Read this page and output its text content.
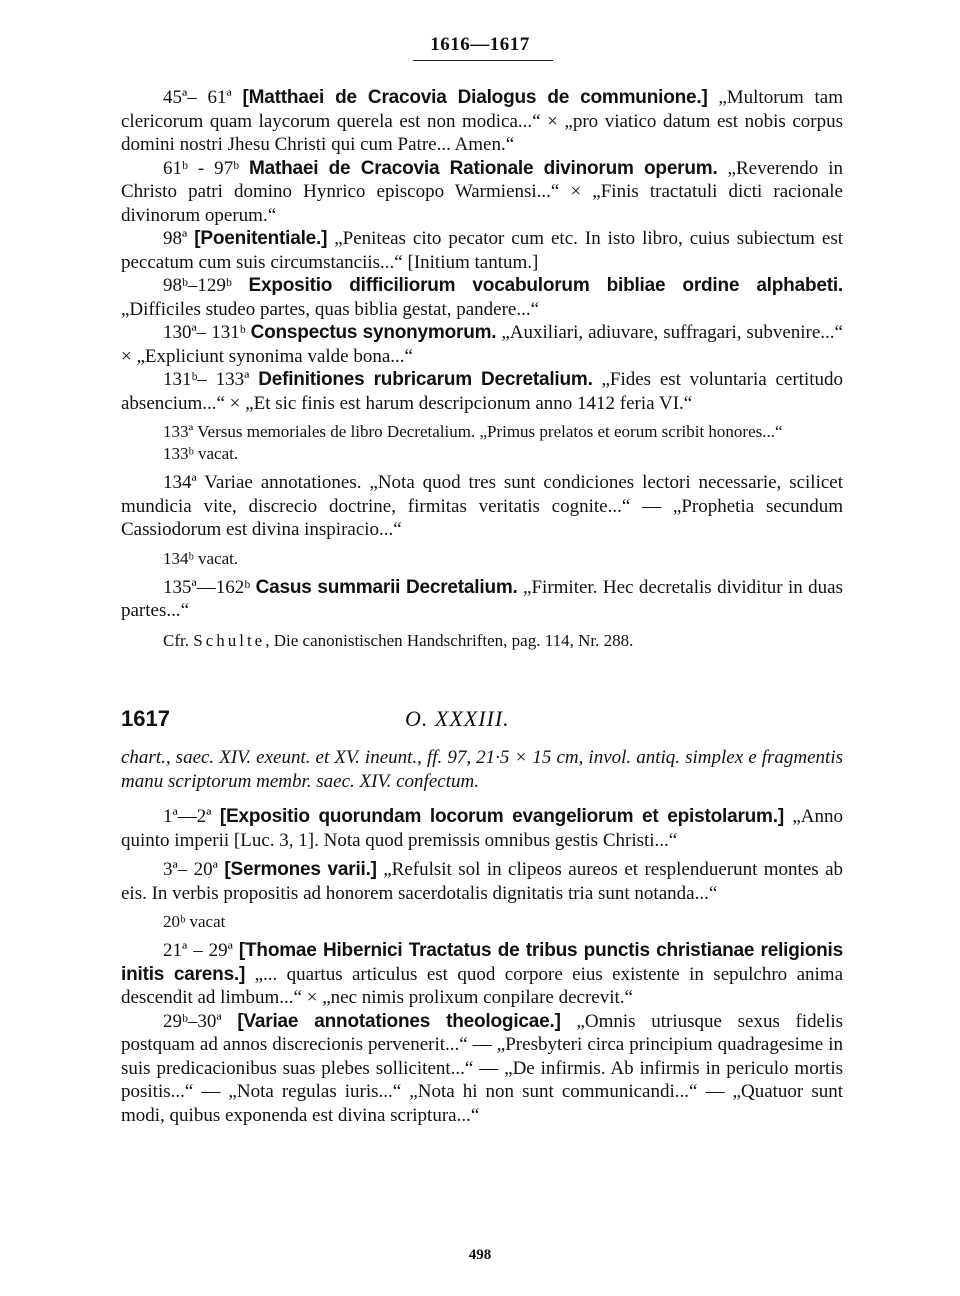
1616—1617

45ª– 61ª [Matthaei de Cracovia Dialogus de communione.] „Multorum tam clericorum quam laycorum querela est non modica...“ × „pro viatico datum est nobis corpus domini nostri Jhesu Christi qui cum Patre... Amen.“

61ᵇ - 97ᵇ Mathaei de Cracovia Rationale divinorum operum. „Reverendo in Christo patri domino Hynrico episcopo Warmiensi...“ × „Finis tractatuli dicti racionale divinorum operum.“

98ª [Poenitentiale.] „Peniteas cito pecator cum etc. In isto libro, cuius subiectum est peccatum cum suis circumstanciis...“ [Initium tantum.]

98ᵇ–129ᵇ Expositio difficiliorum vocabulorum bibliae ordine alphabeti. „Difficiles studeo partes, quas biblia gestat, pandere...“

130ª– 131ᵇ Conspectus synonymorum. „Auxiliari, adiuvare, suffragari, subvenire...“ × „Expliciunt synonima valde bona...“

131ᵇ– 133ª Definitiones rubricarum Decretalium. „Fides est voluntaria certitudo absencium...“ × „Et sic finis est harum descripcionum anno 1412 feria VI.“

133ª Versus memoriales de libro Decretalium. „Primus prelatos et eorum scribit honores...“

133ᵇ vacat.

134ª Variae annotationes. „Nota quod tres sunt condiciones lectori necessarie, scilicet mundicia vite, discrecio doctrine, firmitas veritatis cognite...“ — „Prophetia secundum Cassiodorum est divina inspiracio...“

134ᵇ vacat.

135ª—162ᵇ Casus summarii Decretalium. „Firmiter. Hec decretalis dividitur in duas partes...“

Cfr. Schulte, Die canonistischen Handschriften, pag. 114, Nr. 288.

1617	O. XXXIII.

chart., saec. XIV. exeunt. et XV. ineunt., ff. 97, 21·5 × 15 cm, invol. antiq. simplex e fragmentis manu scriptorum membr. saec. XIV. confectum.

1ª—2ª [Expositio quorundam locorum evangeliorum et epistolarum.] „Anno quinto imperii [Luc. 3, 1]. Nota quod premissis omnibus gestis Christi...“

3ª– 20ª [Sermones varii.] „Refulsit sol in clipeos aureos et resplenduerunt montes ab eis. In verbis propositis ad honorem sacerdotalis dignitatis tria sunt notanda...“

20ᵇ vacat

21ª – 29ª [Thomae Hibernici Tractatus de tribus punctis christianae religionis initis carens.] „... quartus articulus est quod corpore eius existente in sepulchro anima descendit ad limbum...“ × „nec nimis prolixum conpilare decrevit.“

29ᵇ–30ª [Variae annotationes theologicae.] „Omnis utriusque sexus fidelis postquam ad annos discrecionis pervenerit...“ — „Presbyteri circa principium quadragesime in suis predicacionibus suas plebes sollicitent...“ — „De infirmis. Ab infirmis in periculo mortis positis...“ — „Nota regulas iuris...“ „Nota hi non sunt communicandi...“ — „Quatuor sunt modi, quibus exponenda est divina scriptura...“

498
